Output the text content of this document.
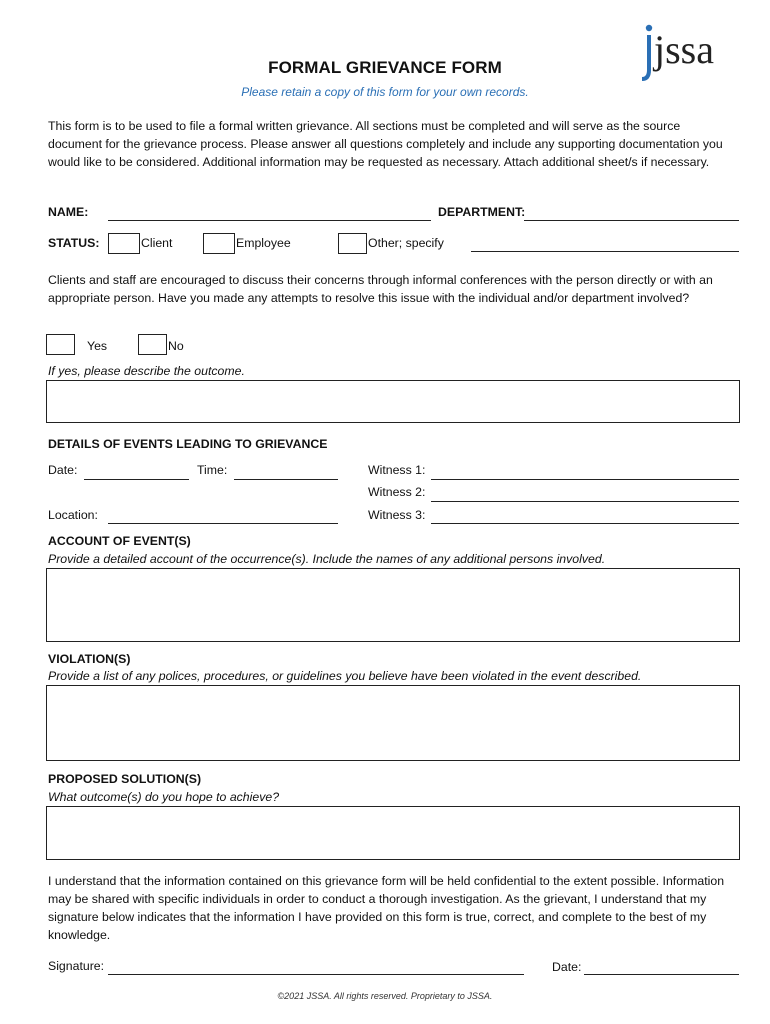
jssa
FORMAL GRIEVANCE FORM
Please retain a copy of this form for your own records.
This form is to be used to file a formal written grievance. All sections must be completed and will serve as the source document for the grievance process. Please answer all questions completely and include any supporting documentation you would like to be considered. Additional information may be requested as necessary. Attach additional sheet/s if necessary.
NAME:	DEPARTMENT:
STATUS:	Client	Employee	Other; specify
Clients and staff are encouraged to discuss their concerns through informal conferences with the person directly or with an appropriate person. Have you made any attempts to resolve this issue with the individual and/or department involved?
Yes	No
If yes, please describe the outcome.
DETAILS OF EVENTS LEADING TO GRIEVANCE
Date:	Time:
Location:
Witness 1:
Witness 2:
Witness 3:
ACCOUNT OF EVENT(S)
Provide a detailed account of the occurrence(s). Include the names of any additional persons involved.
VIOLATION(S)
Provide a list of any polices, procedures, or guidelines you believe have been violated in the event described.
PROPOSED SOLUTION(S)
What outcome(s) do you hope to achieve?
I understand that the information contained on this grievance form will be held confidential to the extent possible. Information may be shared with specific individuals in order to conduct a thorough investigation. As the grievant, I understand that my signature below indicates that the information I have provided on this form is true, correct, and complete to the best of my knowledge.
Signature:	Date:
©2021 JSSA. All rights reserved. Proprietary to JSSA.
